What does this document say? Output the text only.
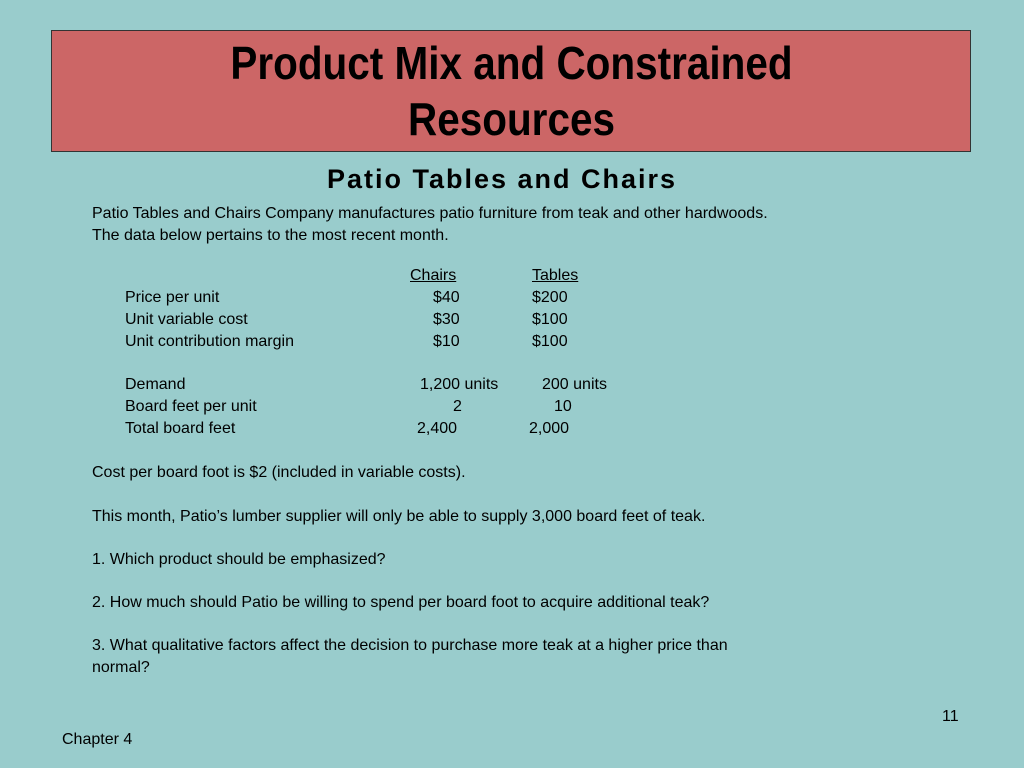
Product Mix and Constrained
Resources
Patio Tables and Chairs
Patio Tables and Chairs Company manufactures patio furniture from teak and other hardwoods.
The data below pertains to the most recent month.
Chairs	Tables
Price per unit	$40	$200
Unit variable cost	$30	$100
Unit contribution margin	$10	$100
Demand	1,200 units	200 units
Board feet per unit	2	10
Total board feet	2,400	2,000
Cost per board foot is $2 (included in variable costs).
This month, Patio’s lumber supplier will only be able to supply 3,000 board feet of teak.
1. Which product should be emphasized?
2. How much should Patio be willing to spend per board foot to acquire additional teak?
3. What qualitative factors affect the decision to purchase more teak at a higher price than
normal?
11
Chapter 4
